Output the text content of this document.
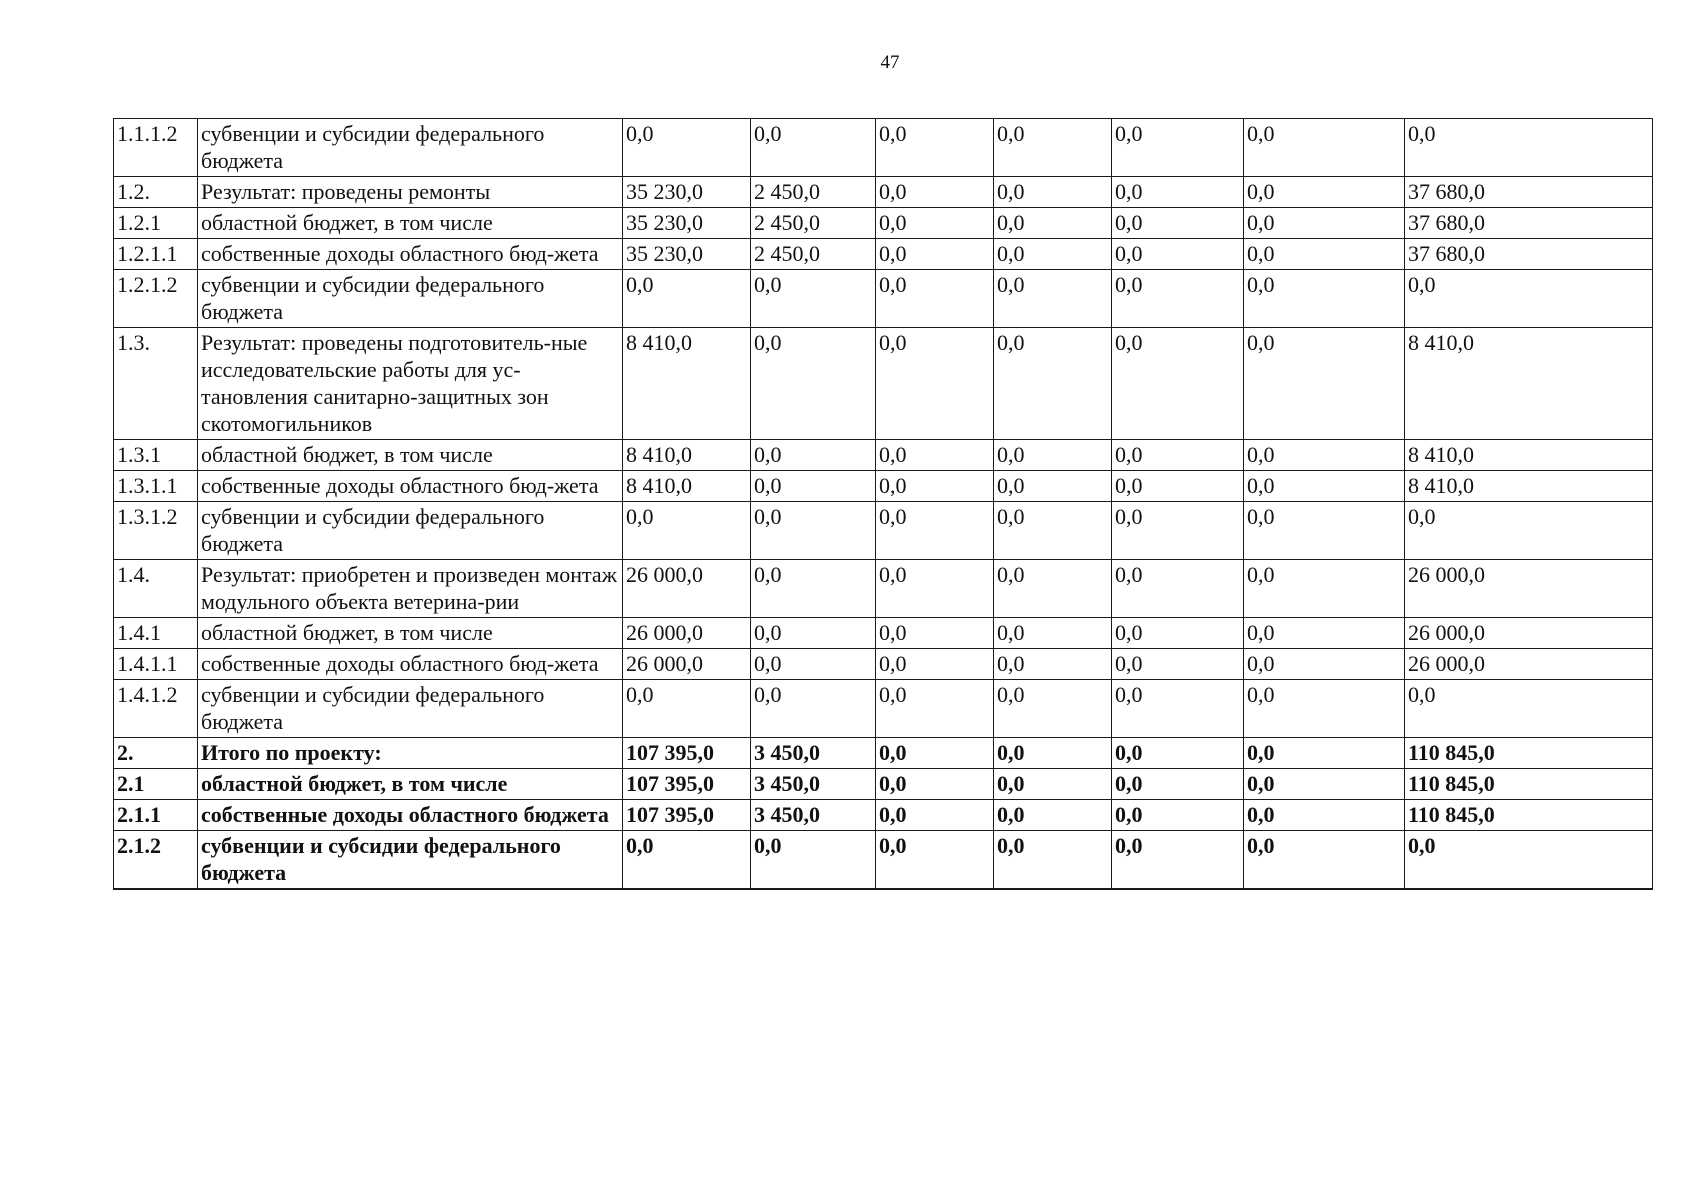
47
1.1.1.2	субвенции и субсидии федерального бюджета	0,0	0,0	0,0	0,0	0,0	0,0	0,0
1.2.	Результат: проведены ремонты	35 230,0	2 450,0	0,0	0,0	0,0	0,0	37 680,0
1.2.1	областной бюджет, в том числе	35 230,0	2 450,0	0,0	0,0	0,0	0,0	37 680,0
1.2.1.1	собственные доходы областного бюд-жета	35 230,0	2 450,0	0,0	0,0	0,0	0,0	37 680,0
1.2.1.2	субвенции и субсидии федерального бюджета	0,0	0,0	0,0	0,0	0,0	0,0	0,0
1.3.	Результат: проведены подготовитель-ные исследовательские работы для ус-тановления санитарно-защитных зон скотомогильников	8 410,0	0,0	0,0	0,0	0,0	0,0	8 410,0
1.3.1	областной бюджет, в том числе	8 410,0	0,0	0,0	0,0	0,0	0,0	8 410,0
1.3.1.1	собственные доходы областного бюд-жета	8 410,0	0,0	0,0	0,0	0,0	0,0	8 410,0
1.3.1.2	субвенции и субсидии федерального бюджета	0,0	0,0	0,0	0,0	0,0	0,0	0,0
1.4.	Результат: приобретен и произведен монтаж модульного объекта ветерина-рии	26 000,0	0,0	0,0	0,0	0,0	0,0	26 000,0
1.4.1	областной бюджет, в том числе	26 000,0	0,0	0,0	0,0	0,0	0,0	26 000,0
1.4.1.1	собственные доходы областного бюд-жета	26 000,0	0,0	0,0	0,0	0,0	0,0	26 000,0
1.4.1.2	субвенции и субсидии федерального бюджета	0,0	0,0	0,0	0,0	0,0	0,0	0,0
2.	Итого по проекту:	107 395,0	3 450,0	0,0	0,0	0,0	0,0	110 845,0
2.1	областной бюджет, в том числе	107 395,0	3 450,0	0,0	0,0	0,0	0,0	110 845,0
2.1.1	собственные доходы областного бюджета	107 395,0	3 450,0	0,0	0,0	0,0	0,0	110 845,0
2.1.2	субвенции и субсидии федерального бюджета	0,0	0,0	0,0	0,0	0,0	0,0	0,0
